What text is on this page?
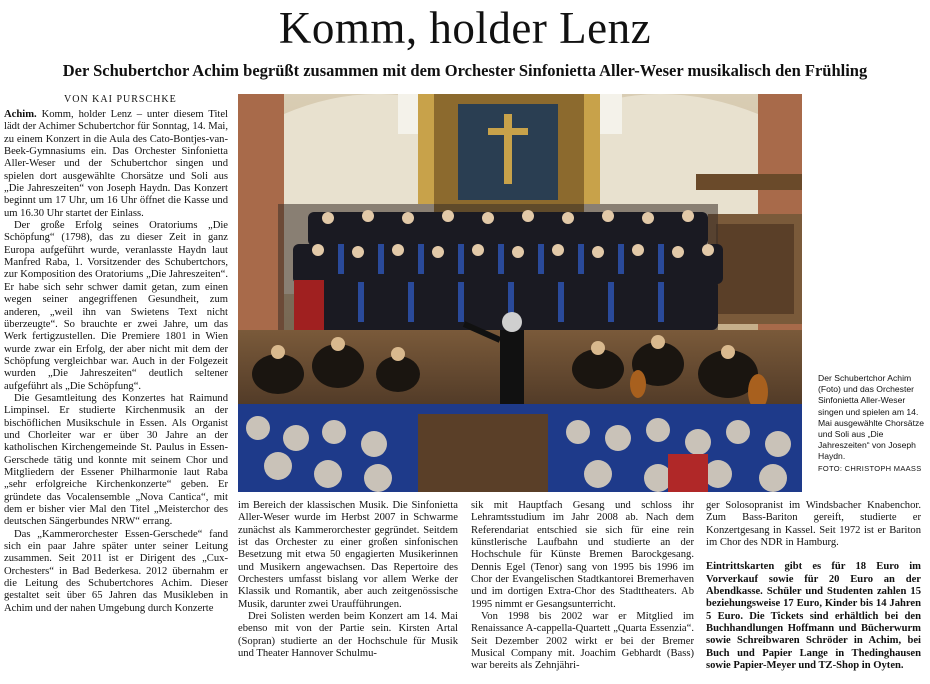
Komm, holder Lenz
Der Schubertchor Achim begrüßt zusammen mit dem Orchester Sinfonietta Aller-Weser musikalisch den Frühling
VON KAI PURSCHKE

Achim. Komm, holder Lenz – unter diesem Titel lädt der Achimer Schubertchor für Sonntag, 14. Mai, zu einem Konzert in die Aula des Cato-Bontjes-van-Beek-Gymnasiums ein. Das Orchester Sinfonietta Aller-Weser und der Schubertchor singen und spielen dort ausgewählte Chorsätze und Soli aus „Die Jahreszeiten“ von Joseph Haydn. Das Konzert beginnt um 17 Uhr, um 16 Uhr öffnet die Kasse und um 16.30 Uhr startet der Einlass.

Der große Erfolg seines Oratoriums „Die Schöpfung“ (1798), das zu dieser Zeit in ganz Europa aufgeführt wurde, veranlasste Haydn laut Manfred Raba, 1. Vorsitzender des Schubertchors, zur Komposition des Oratoriums „Die Jahreszeiten“. Er habe sich sehr schwer damit getan, zum einen wegen seiner angegriffenen Gesundheit, zum anderen, „weil ihn van Swietens Text nicht überzeugte“. So brauchte er zwei Jahre, um das Werk fertigzustellen. Die Premiere 1801 in Wien wurde zwar ein Erfolg, der aber nicht mit dem der Schöpfung vergleichbar war. Auch in der Folgezeit wurden „Die Jahreszeiten“ deutlich seltener aufgeführt als „Die Schöpfung“.

Die Gesamtleitung des Konzertes hat Raimund Limpinsel. Er studierte Kirchenmusik an der bischöflichen Musikschule in Essen. Als Organist und Chorleiter war er über 30 Jahre an der katholischen Kirchengemeinde St. Paulus in Essen-Gerschede tätig und konnte mit seinem Chor und Mitgliedern der Essener Philharmonie laut Raba „sehr erfolgreiche Kirchenkonzerte“ geben. Er gründete das Vocalensemble „Nova Cantica“, mit dem er bisher vier Mal den Titel „Meisterchor des deutschen Sängerbundes NRW“ errang.

Das „Kammerorchester Essen-Gerschede“ fand sich ein paar Jahre später unter seiner Leitung zusammen. Seit 2011 ist er Dirigent des „Cux-Orchesters“ in Bad Bederkesa. 2012 übernahm er die Leitung des Schubertchores Achim. Dieser gestaltet seit über 65 Jahren das Musikleben in Achim und der nahen Umgebung durch Konzerte

Der Schubertchor Achim (Foto) und das Orchester Sinfonietta Aller-Weser singen und spielen am 14. Mai ausgewählte Chorsätze und Soli aus „Die Jahreszeiten“ von Joseph Haydn.
FOTO: CHRISTOPH MAASS

im Bereich der klassischen Musik. Die Sinfonietta Aller-Weser wurde im Herbst 2007 in Schwarme zunächst als Kammerorchester gegründet. Seitdem ist das Orchester zu einer großen sinfonischen Besetzung mit etwa 50 engagierten Musikerinnen und Musikern angewachsen. Das Repertoire des Orchesters umfasst bislang vor allem Werke der Klassik und Romantik, aber auch zeitgenössische Musik, darunter zwei Uraufführungen.

Drei Solisten werden beim Konzert am 14. Mai ebenso mit von der Partie sein. Kirsten Artal (Sopran) studierte an der Hochschule für Musik und Theater Hannover Schulmu-

sik mit Hauptfach Gesang und schloss ihr Lehramtsstudium im Jahr 2008 ab. Nach dem Referendariat entschied sie sich für eine rein künstlerische Laufbahn und studierte an der Hochschule für Künste Bremen Barockgesang. Dennis Egel (Tenor) sang von 1995 bis 1996 im Chor der Evangelischen Stadtkantorei Bremerhaven und im dortigen Extra-Chor des Stadttheaters. Ab 1995 nimmt er Gesangsunterricht.

Von 1998 bis 2002 war er Mitglied im Renaissance A-cappella-Quartett „Quarta Essenzia“. Seit Dezember 2002 wirkt er bei der Bremer Musical Company mit. Joachim Gebhardt (Bass) war bereits als Zehnjähri-

ger Solosopranist im Windsbacher Knabenchor. Zum Bass-Bariton gereift, studierte er Konzertgesang in Kassel. Seit 1972 ist er Bariton im Chor des NDR in Hamburg.

Eintrittskarten gibt es für 18 Euro im Vorverkauf sowie für 20 Euro an der Abendkasse. Schüler und Studenten zahlen 15 beziehungsweise 17 Euro, Kinder bis 14 Jahren 5 Euro. Die Tickets sind erhältlich bei den Buchhandlungen Hoffmann und Bücherwurm sowie Schreibwaren Schröder in Achim, bei Buch und Papier Lange in Thedinghausen sowie Papier-Meyer und TZ-Shop in Oyten.
